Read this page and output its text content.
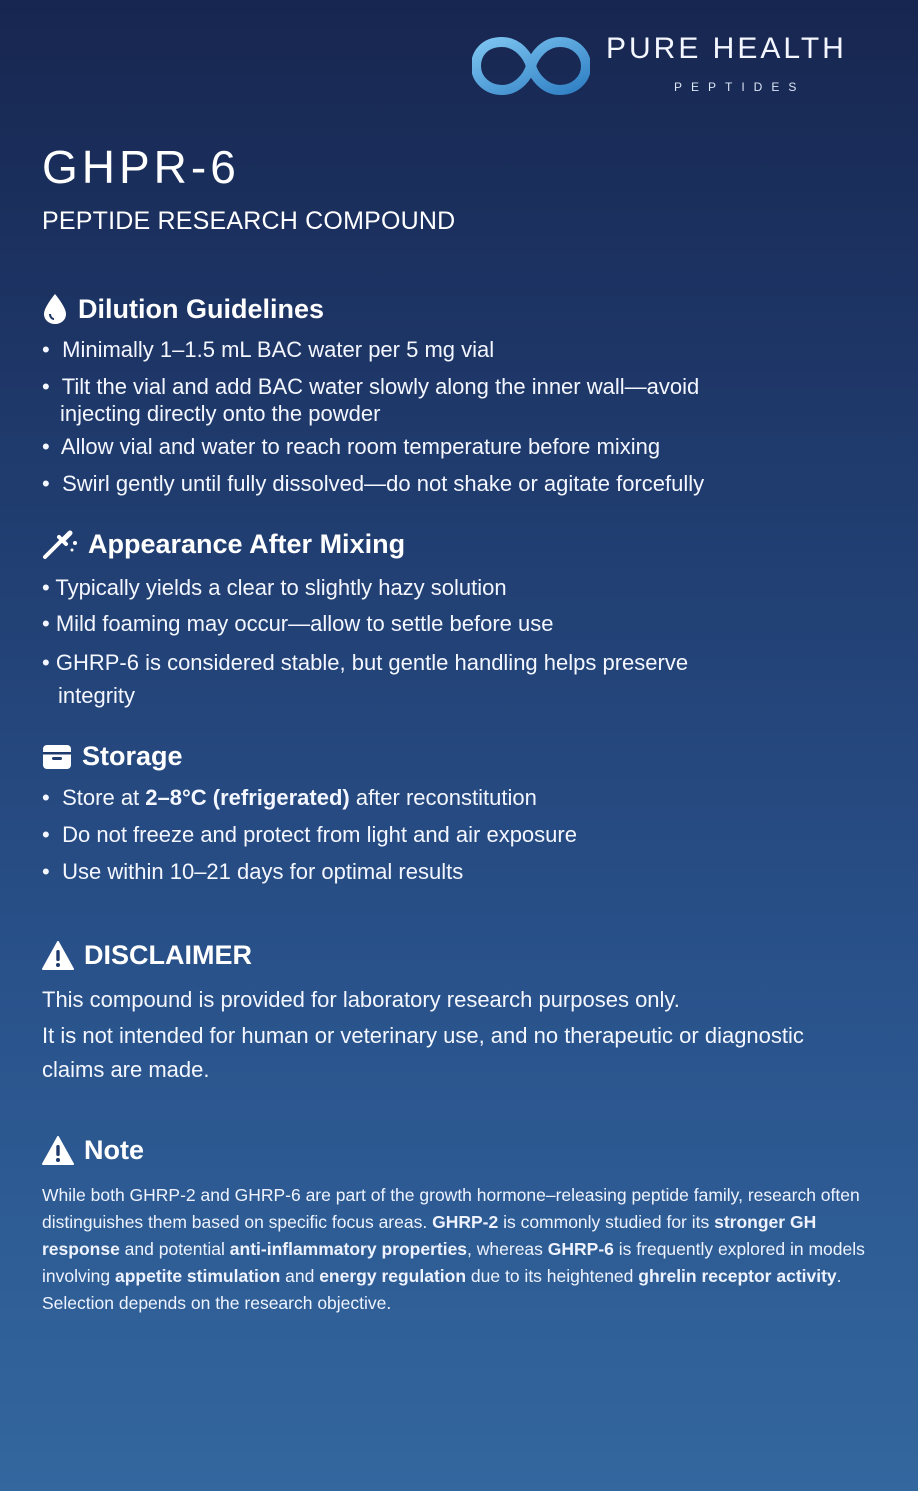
PURE HEALTH
PEPTIDES
GHPR-6
PEPTIDE RESEARCH COMPOUND
Dilution Guidelines
• Minimally 1–1.5 mL BAC water per 5 mg vial
• Tilt the vial and add BAC water slowly along the inner wall—avoid
injecting directly onto the powder
• Allow vial and water to reach room temperature before mixing
• Swirl gently until fully dissolved—do not shake or agitate forcefully
Appearance After Mixing
• Typically yields a clear to slightly hazy solution
• Mild foaming may occur—allow to settle before use
• GHRP-6 is considered stable, but gentle handling helps preserve
integrity
Storage
• Store at 2–8°C (refrigerated) after reconstitution
• Do not freeze and protect from light and air exposure
• Use within 10–21 days for optimal results
DISCLAIMER
This compound is provided for laboratory research purposes only.
It is not intended for human or veterinary use, and no therapeutic or diagnostic claims are made.
Note
While both GHRP-2 and GHRP-6 are part of the growth hormone–releasing peptide family, research often distinguishes them based on specific focus areas. GHRP-2 is commonly studied for its stronger GH response and potential anti-inflammatory properties, whereas GHRP-6 is frequently explored in models involving appetite stimulation and energy regulation due to its heightened ghrelin receptor activity. Selection depends on the research objective.
